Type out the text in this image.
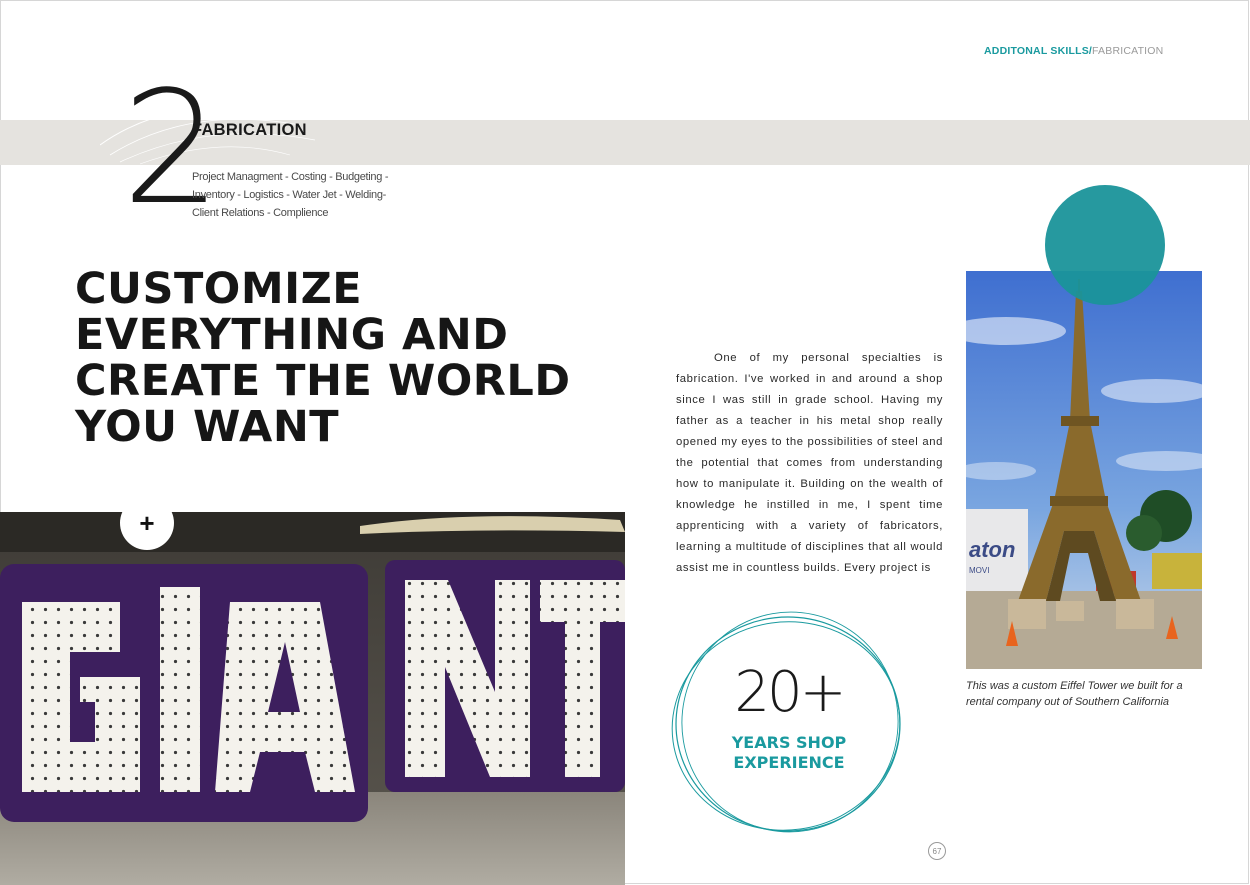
ADDITONAL SKILLS/FABRICATION
2
FABRICATION
Project Managment - Costing - Budgeting - Inventory - Logistics - Water Jet - Welding- Client Relations - Complience
CUSTOMIZE
EVERYTHING AND
CREATE THE WORLD
YOU WANT
+

One of my personal specialties is fabrication. I've worked in and around a shop since I was still in grade school. Having my father as a teacher in his metal shop really opened my eyes to the possibilities of steel and the potential that comes from understanding how to manipulate it. Building on the wealth of knowledge he instilled in me, I spent time apprenticing with a variety of fabricators, learning a multitude of disciplines that all would assist me in countless builds. Every project is

20+
YEARS SHOP
EXPERIENCE
aton
MOVI
This was a custom Eiffel Tower we built for a rental company out of Southern California
67
